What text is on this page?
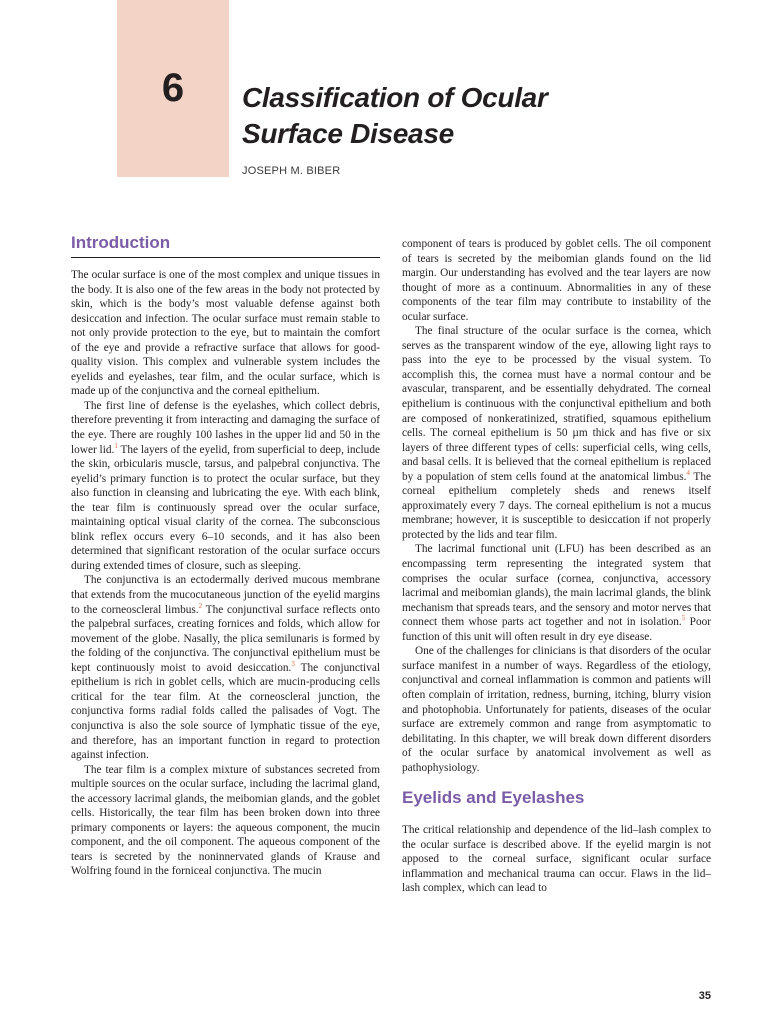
6	Classification of Ocular
Surface Disease
JOSEPH M. BIBER
Introduction

The ocular surface is one of the most complex and unique tissues in the body. It is also one of the few areas in the body not protected by skin, which is the body’s most valuable defense against both desiccation and infection. The ocular surface must remain stable to not only provide protection to the eye, but to maintain the comfort of the eye and provide a refractive surface that allows for good-quality vision. This complex and vulnerable system includes the eyelids and eyelashes, tear film, and the ocular surface, which is made up of the conjunctiva and the corneal epithelium.

The first line of defense is the eyelashes, which collect debris, therefore preventing it from interacting and damaging the surface of the eye. There are roughly 100 lashes in the upper lid and 50 in the lower lid.$^1$ The layers of the eyelid, from superficial to deep, include the skin, orbicularis muscle, tarsus, and palpebral conjunctiva. The eyelid’s primary function is to protect the ocular surface, but they also function in cleansing and lubricating the eye. With each blink, the tear film is continuously spread over the ocular surface, maintaining optical visual clarity of the cornea. The subconscious blink reflex occurs every 6–10 seconds, and it has also been determined that significant restoration of the ocular surface occurs during extended times of closure, such as sleeping.

The conjunctiva is an ectodermally derived mucous membrane that extends from the mucocutaneous junction of the eyelid margins to the corneoscleral limbus.$^2$ The conjunctival surface reflects onto the palpebral surfaces, creating fornices and folds, which allow for movement of the globe. Nasally, the plica semilunaris is formed by the folding of the conjunctiva. The conjunctival epithelium must be kept continuously moist to avoid desiccation.$^3$ The conjunctival epithelium is rich in goblet cells, which are mucin-producing cells critical for the tear film. At the corneoscleral junction, the conjunctiva forms radial folds called the palisades of Vogt. The conjunctiva is also the sole source of lymphatic tissue of the eye, and therefore, has an important function in regard to protection against infection.

The tear film is a complex mixture of substances secreted from multiple sources on the ocular surface, including the lacrimal gland, the accessory lacrimal glands, the meibomian glands, and the goblet cells. Historically, the tear film has been broken down into three primary components or layers: the aqueous component, the mucin component, and the oil component. The aqueous component of the tears is secreted by the noninnervated glands of Krause and Wolfring found in the forniceal conjunctiva. The mucin

component of tears is produced by goblet cells. The oil component of tears is secreted by the meibomian glands found on the lid margin. Our understanding has evolved and the tear layers are now thought of more as a continuum. Abnormalities in any of these components of the tear film may contribute to instability of the ocular surface.

The final structure of the ocular surface is the cornea, which serves as the transparent window of the eye, allowing light rays to pass into the eye to be processed by the visual system. To accomplish this, the cornea must have a normal contour and be avascular, transparent, and be essentially dehydrated. The corneal epithelium is continuous with the conjunctival epithelium and both are composed of nonkeratinized, stratified, squamous epithelium cells. The corneal epithelium is 50 µm thick and has five or six layers of three different types of cells: superficial cells, wing cells, and basal cells. It is believed that the corneal epithelium is replaced by a population of stem cells found at the anatomical limbus.$^4$ The corneal epithelium completely sheds and renews itself approximately every 7 days. The corneal epithelium is not a mucus membrane; however, it is susceptible to desiccation if not properly protected by the lids and tear film.

The lacrimal functional unit (LFU) has been described as an encompassing term representing the integrated system that comprises the ocular surface (cornea, conjunctiva, accessory lacrimal and meibomian glands), the main lacrimal glands, the blink mechanism that spreads tears, and the sensory and motor nerves that connect them whose parts act together and not in isolation.$^5$ Poor function of this unit will often result in dry eye disease.

One of the challenges for clinicians is that disorders of the ocular surface manifest in a number of ways. Regardless of the etiology, conjunctival and corneal inflammation is common and patients will often complain of irritation, redness, burning, itching, blurry vision and photophobia. Unfortunately for patients, diseases of the ocular surface are extremely common and range from asymptomatic to debilitating. In this chapter, we will break down different disorders of the ocular surface by anatomical involvement as well as pathophysiology.

Eyelids and Eyelashes

The critical relationship and dependence of the lid–lash complex to the ocular surface is described above. If the eyelid margin is not apposed to the corneal surface, significant ocular surface inflammation and mechanical trauma can occur. Flaws in the lid–lash complex, which can lead to

35
